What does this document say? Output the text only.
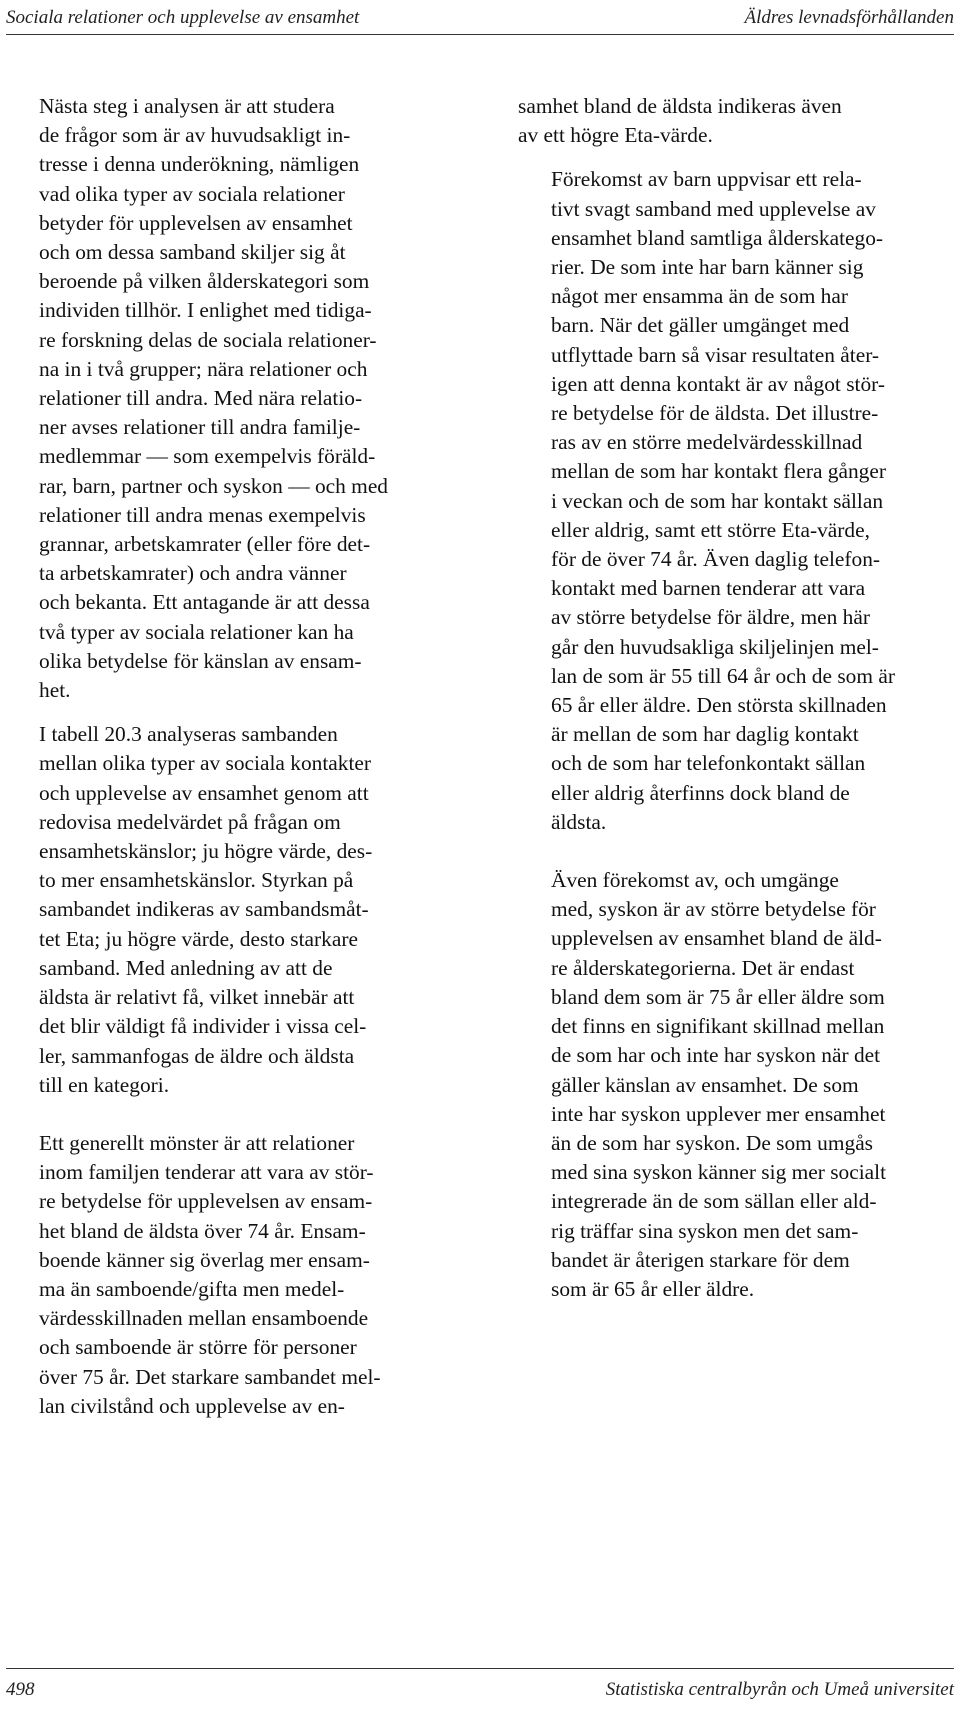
Sociala relationer och upplevelse av ensamhet	Äldres levnadsförhållanden

Nästa steg i analysen är att studera
de frågor som är av huvudsakligt in-
tresse i denna underökning, nämligen
vad olika typer av sociala relationer
betyder för upplevelsen av ensamhet
och om dessa samband skiljer sig åt
beroende på vilken ålderskategori som
individen tillhör. I enlighet med tidiga-
re forskning delas de sociala relationer-
na in i två grupper; nära relationer och
relationer till andra. Med nära relatio-
ner avses relationer till andra familje-
medlemmar — som exempelvis föräld-
rar, barn, partner och syskon — och med
relationer till andra menas exempelvis
grannar, arbetskamrater (eller före det-
ta arbetskamrater) och andra vänner
och bekanta. Ett antagande är att dessa
två typer av sociala relationer kan ha
olika betydelse för känslan av ensam-
het.

I tabell 20.3 analyseras sambanden
mellan olika typer av sociala kontakter
och upplevelse av ensamhet genom att
redovisa medelvärdet på frågan om
ensamhetskänslor; ju högre värde, des-
to mer ensamhetskänslor. Styrkan på
sambandet indikeras av sambandsmåt-
tet Eta; ju högre värde, desto starkare
samband. Med anledning av att de
äldsta är relativt få, vilket innebär att
det blir väldigt få individer i vissa cel-
ler, sammanfogas de äldre och äldsta
till en kategori.

Ett generellt mönster är att relationer
inom familjen tenderar att vara av stör-
re betydelse för upplevelsen av ensam-
het bland de äldsta över 74 år. Ensam-
boende känner sig överlag mer ensam-
ma än samboende/gifta men medel-
värdesskillnaden mellan ensamboende
och samboende är större för personer
över 75 år. Det starkare sambandet mel-
lan civilstånd och upplevelse av en-

samhet bland de äldsta indikeras även
av ett högre Eta-värde.

Förekomst av barn uppvisar ett rela-
tivt svagt samband med upplevelse av
ensamhet bland samtliga ålderskatego-
rier. De som inte har barn känner sig
något mer ensamma än de som har
barn. När det gäller umgänget med
utflyttade barn så visar resultaten åter-
igen att denna kontakt är av något stör-
re betydelse för de äldsta. Det illustre-
ras av en större medelvärdesskillnad
mellan de som har kontakt flera gånger
i veckan och de som har kontakt sällan
eller aldrig, samt ett större Eta-värde,
för de över 74 år. Även daglig telefon-
kontakt med barnen tenderar att vara
av större betydelse för äldre, men här
går den huvudsakliga skiljelinjen mel-
lan de som är 55 till 64 år och de som är
65 år eller äldre. Den största skillnaden
är mellan de som har daglig kontakt
och de som har telefonkontakt sällan
eller aldrig återfinns dock bland de
äldsta.

Även förekomst av, och umgänge
med, syskon är av större betydelse för
upplevelsen av ensamhet bland de äld-
re ålderskategorierna. Det är endast
bland dem som är 75 år eller äldre som
det finns en signifikant skillnad mellan
de som har och inte har syskon när det
gäller känslan av ensamhet. De som
inte har syskon upplever mer ensamhet
än de som har syskon. De som umgås
med sina syskon känner sig mer socialt
integrerade än de som sällan eller ald-
rig träffar sina syskon men det sam-
bandet är återigen starkare för dem
som är 65 år eller äldre.

498	Statistiska centralbyrån och Umeå universitet
